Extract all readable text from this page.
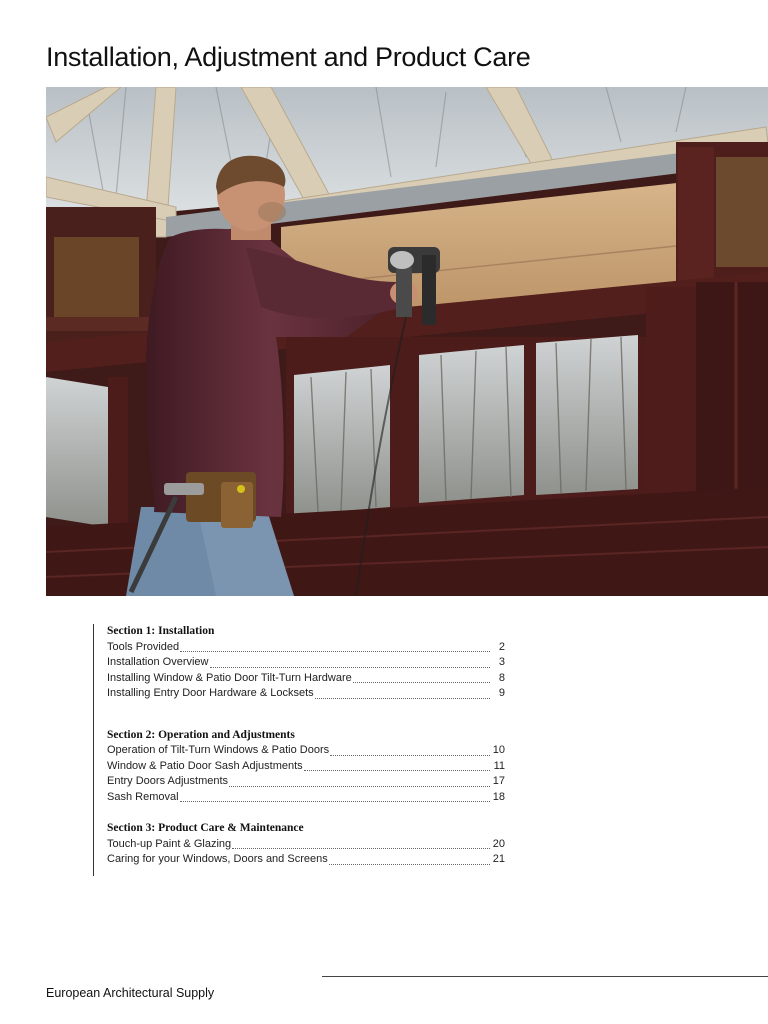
Installation, Adjustment and Product Care
Section 1: Installation
Tools Provided	2
Installation Overview	3
Installing Window & Patio Door Tilt-Turn Hardware	8
Installing Entry Door Hardware & Locksets	9
Section 2: Operation and Adjustments
Operation of Tilt-Turn Windows & Patio Doors	10
Window & Patio Door Sash Adjustments	11
Entry Doors Adjustments	17
Sash Removal	18
Section 3: Product Care & Maintenance
Touch-up Paint & Glazing	20
Caring for your Windows, Doors and Screens	21
European Architectural Supply
